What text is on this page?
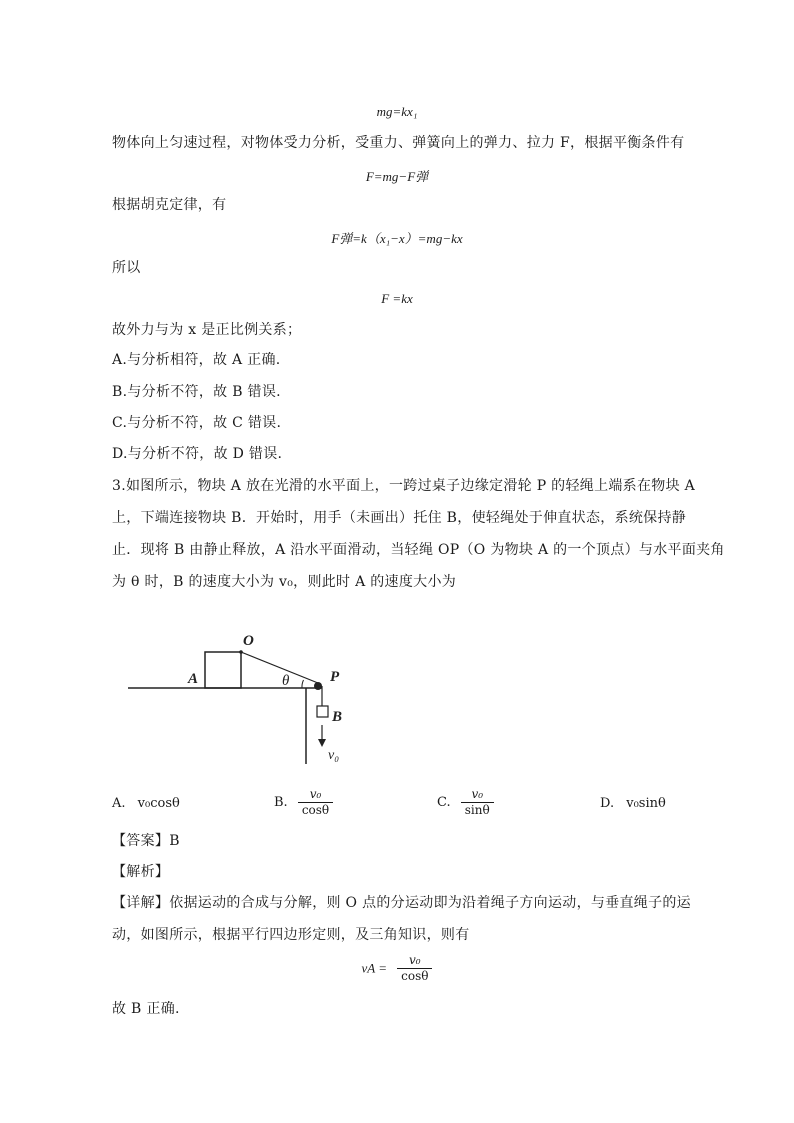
mg=kx₁
物体向上匀速过程，对物体受力分析，受重力、弹簧向上的弹力、拉力 F，根据平衡条件有
F=mg−F弹
根据胡克定律，有
F弹=k（x₁−x）=mg−kx
所以
F =kx
故外力与为 x 是正比例关系；
A.与分析相符，故 A 正确.
B.与分析不符，故 B 错误.
C.与分析不符，故 C 错误.
D.与分析不符，故 D 错误.
3.如图所示，物块 A 放在光滑的水平面上，一跨过桌子边缘定滑轮 P 的轻绳上端系在物块 A
上，下端连接物块 B．开始时，用手（未画出）托住 B，使轻绳处于伸直状态，系统保持静
止．现将 B 由静止释放，A 沿水平面滑动，当轻绳 OP（O 为物块 A 的一个顶点）与水平面夹角
为 θ 时，B 的速度大小为 v₀，则此时 A 的速度大小为
O
A	θ	P
B
v₀
A. v₀cosθ	B. $\frac{\text{v₀}}{\cos\theta}$	C. $\frac{\text{v₀}}{\sin\theta}$	D. v₀sinθ
【答案】B
【解析】
【详解】依据运动的合成与分解，则 O 点的分运动即为沿着绳子方向运动，与垂直绳子的运
动，如图所示，根据平行四边形定则，及三角知识，则有
vA = $\frac{\text{v₀}}{\cos\theta}$
故 B 正确.
